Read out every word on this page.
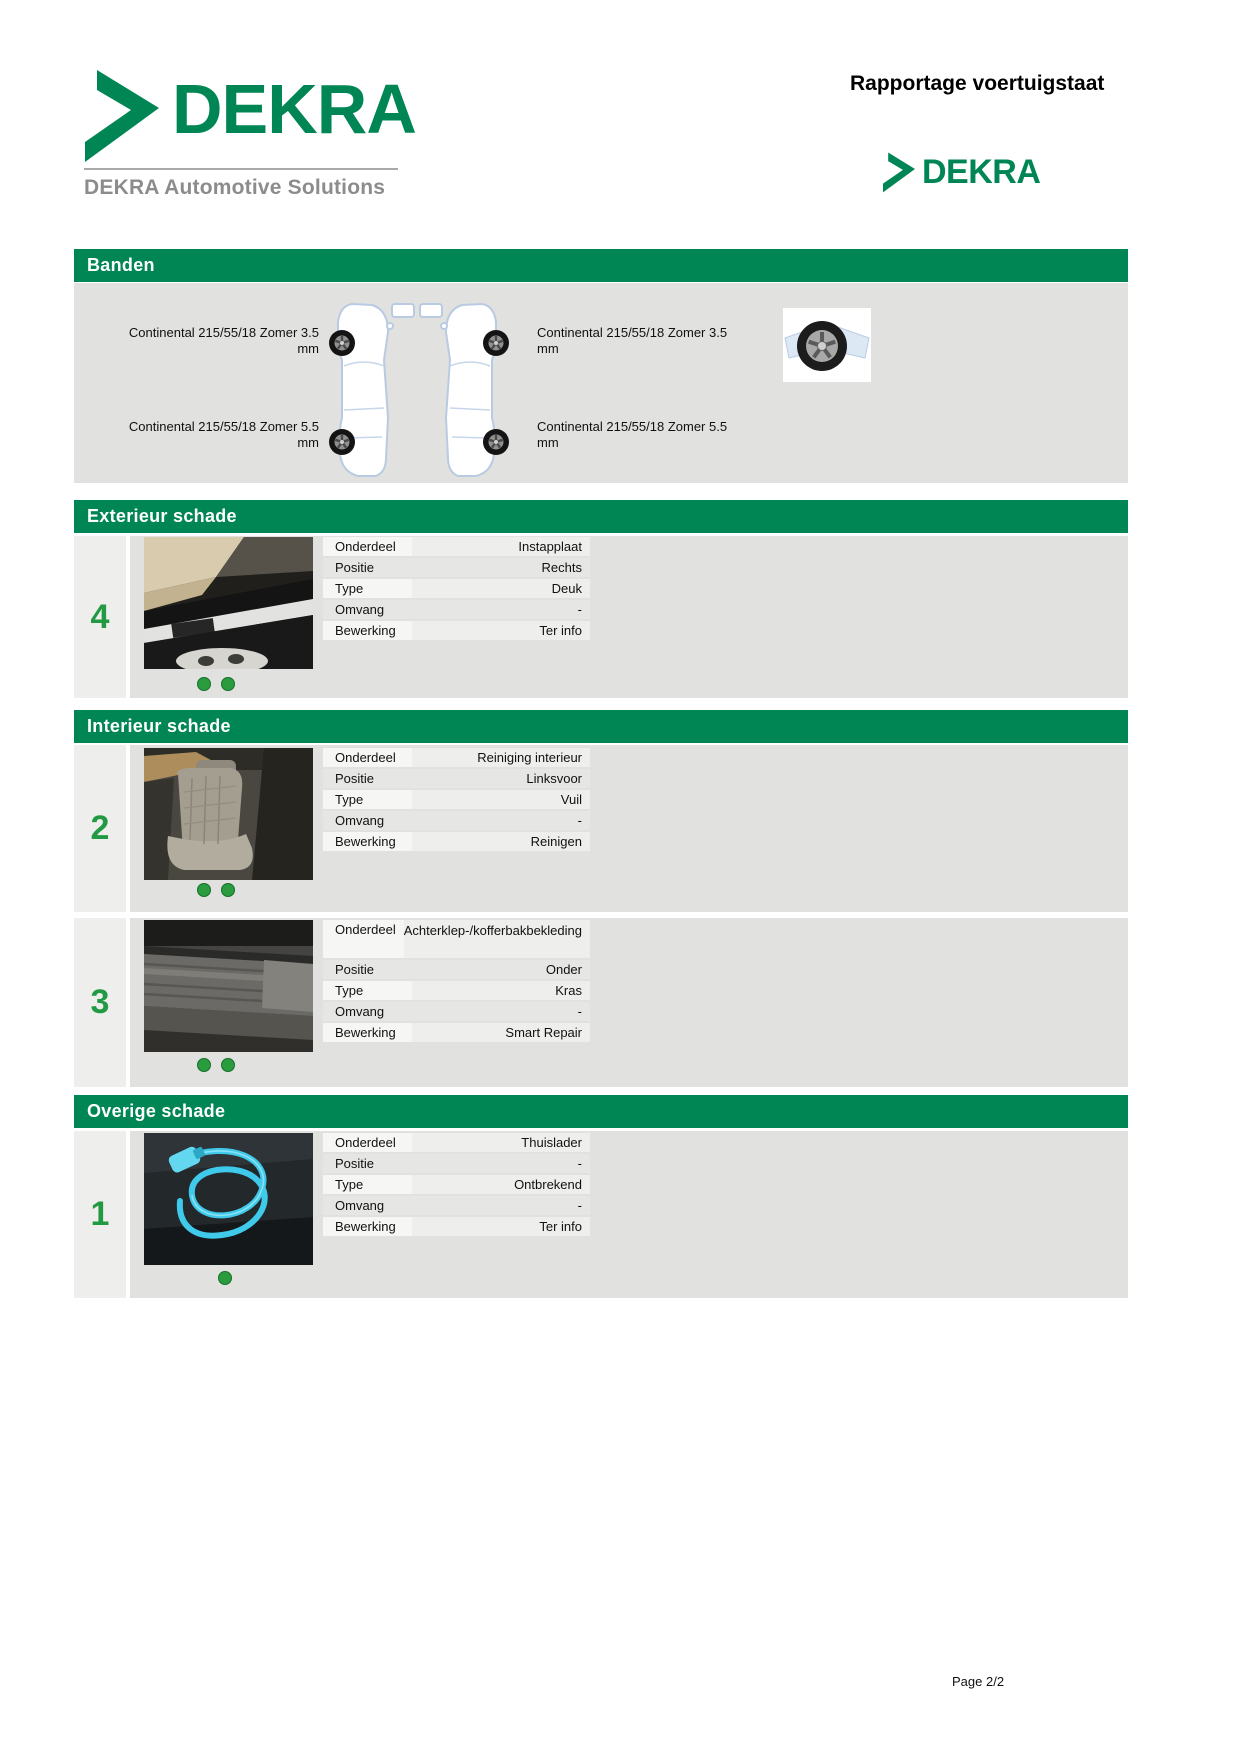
DEKRA
DEKRA Automotive Solutions
Rapportage voertuigstaat
DEKRA
Banden
Continental 215/55/18 Zomer 3.5
mm
Continental 215/55/18 Zomer 5.5
mm
Continental 215/55/18 Zomer 3.5
mm
Continental 215/55/18 Zomer 5.5
mm
Exterieur schade
4
Onderdeel	Instapplaat
Positie	Rechts
Type	Deuk
Omvang	-
Bewerking	Ter info
Interieur schade
2
Onderdeel	Reiniging interieur
Positie	Linksvoor
Type	Vuil
Omvang	-
Bewerking	Reinigen
3
Onderdeel Achterklep-/kofferbakbekleding
Positie	Onder
Type	Kras
Omvang	-
Bewerking	Smart Repair
Overige schade
1
Onderdeel	Thuislader
Positie	-
Type	Ontbrekend
Omvang	-
Bewerking	Ter info
Page 2/2
